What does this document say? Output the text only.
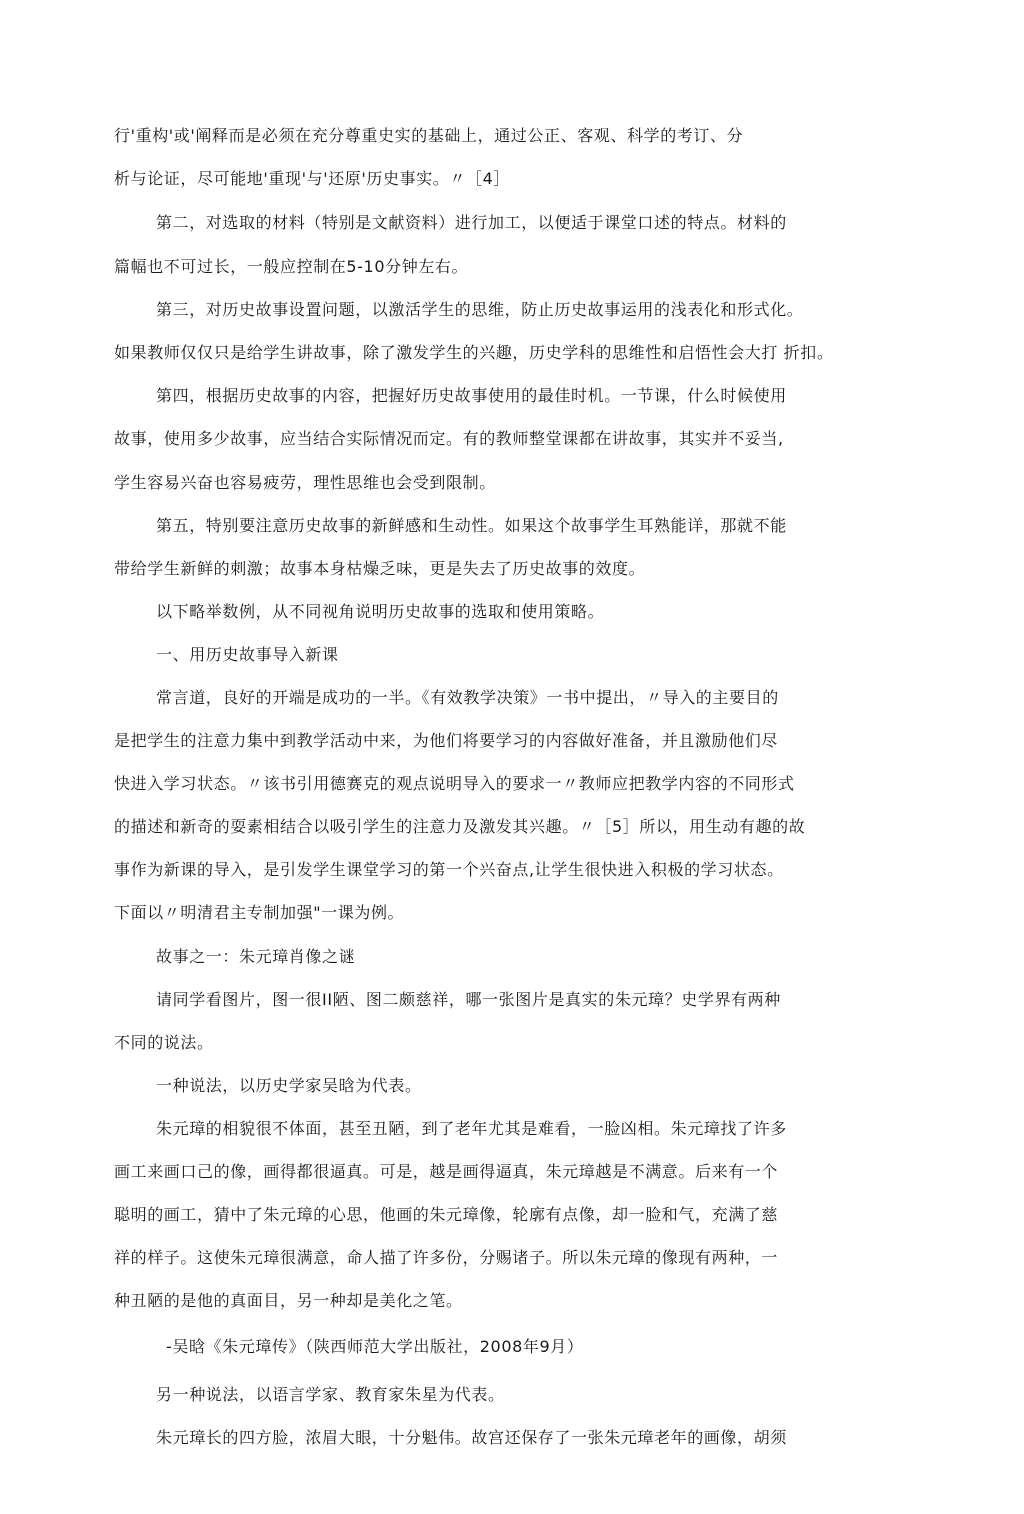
行'重构'或'阐释而是必须在充分尊重史实的基础上，通过公正、客观、科学的考订、分

析与论证，尽可能地'重现'与'还原'历史事实。〃［4］

第二，对选取的材料（特别是文献资料）进行加工，以便适于课堂口述的特点。材料的

篇幅也不可过长，一般应控制在5-10分钟左右。

第三，对历史故事设置问题，以激活学生的思维，防止历史故事运用的浅表化和形式化。

如果教师仅仅只是给学生讲故事，除了激发学生的兴趣，历史学科的思维性和启悟性会大打 折扣。

第四，根据历史故事的内容，把握好历史故事使用的最佳时机。一节课，什么时候使用

故事，使用多少故事，应当结合实际情况而定。有的教师整堂课都在讲故事，其实并不妥当,

学生容易兴奋也容易疲劳，理性思维也会受到限制。

第五，特别要注意历史故事的新鲜感和生动性。如果这个故事学生耳熟能详，那就不能

带给学生新鲜的刺激；故事本身枯燥乏味，更是失去了历史故事的效度。

以下略举数例，从不同视角说明历史故事的选取和使用策略。

一、用历史故事导入新课

常言道，良好的开端是成功的一半。《有效教学决策》一书中提出，〃导入的主要目的

是把学生的注意力集中到教学活动中来，为他们将要学习的内容做好准备，并且激励他们尽

快进入学习状态。〃该书引用德赛克的观点说明导入的要求一〃教师应把教学内容的不同形式

的描述和新奇的耍素相结合以吸引学生的注意力及激发其兴趣。〃［5］所以，用生动有趣的故

事作为新课的导入，是引发学生课堂学习的第一个兴奋点,让学生很快进入积极的学习状态。

下面以〃明清君主专制加强"一课为例。

故事之一：朱元璋肖像之谜

请同学看图片，图一很II陋、图二颇慈祥，哪一张图片是真实的朱元璋？史学界有两种

不同的说法。

一种说法，以历史学家吴晗为代表。

朱元璋的相貌很不体面，甚至丑陋，到了老年尤其是难看，一脸凶相。朱元璋找了许多

画工来画口己的像，画得都很逼真。可是，越是画得逼真，朱元璋越是不满意。后来有一个

聪明的画工，猜中了朱元璋的心思，他画的朱元璋像，轮廓有点像，却一脸和气，充满了慈

祥的样子。这使朱元璋很满意，命人描了许多份，分赐诸子。所以朱元璋的像现有两种，一

种丑陋的是他的真面目，另一种却是美化之笔。

-吴晗《朱元璋传》（陕西师范大学出版社，2008年9月）

另一种说法，以语言学家、教育家朱星为代表。

朱元璋长的四方脸，浓眉大眼，十分魁伟。故宫还保存了一张朱元璋老年的画像，胡须
